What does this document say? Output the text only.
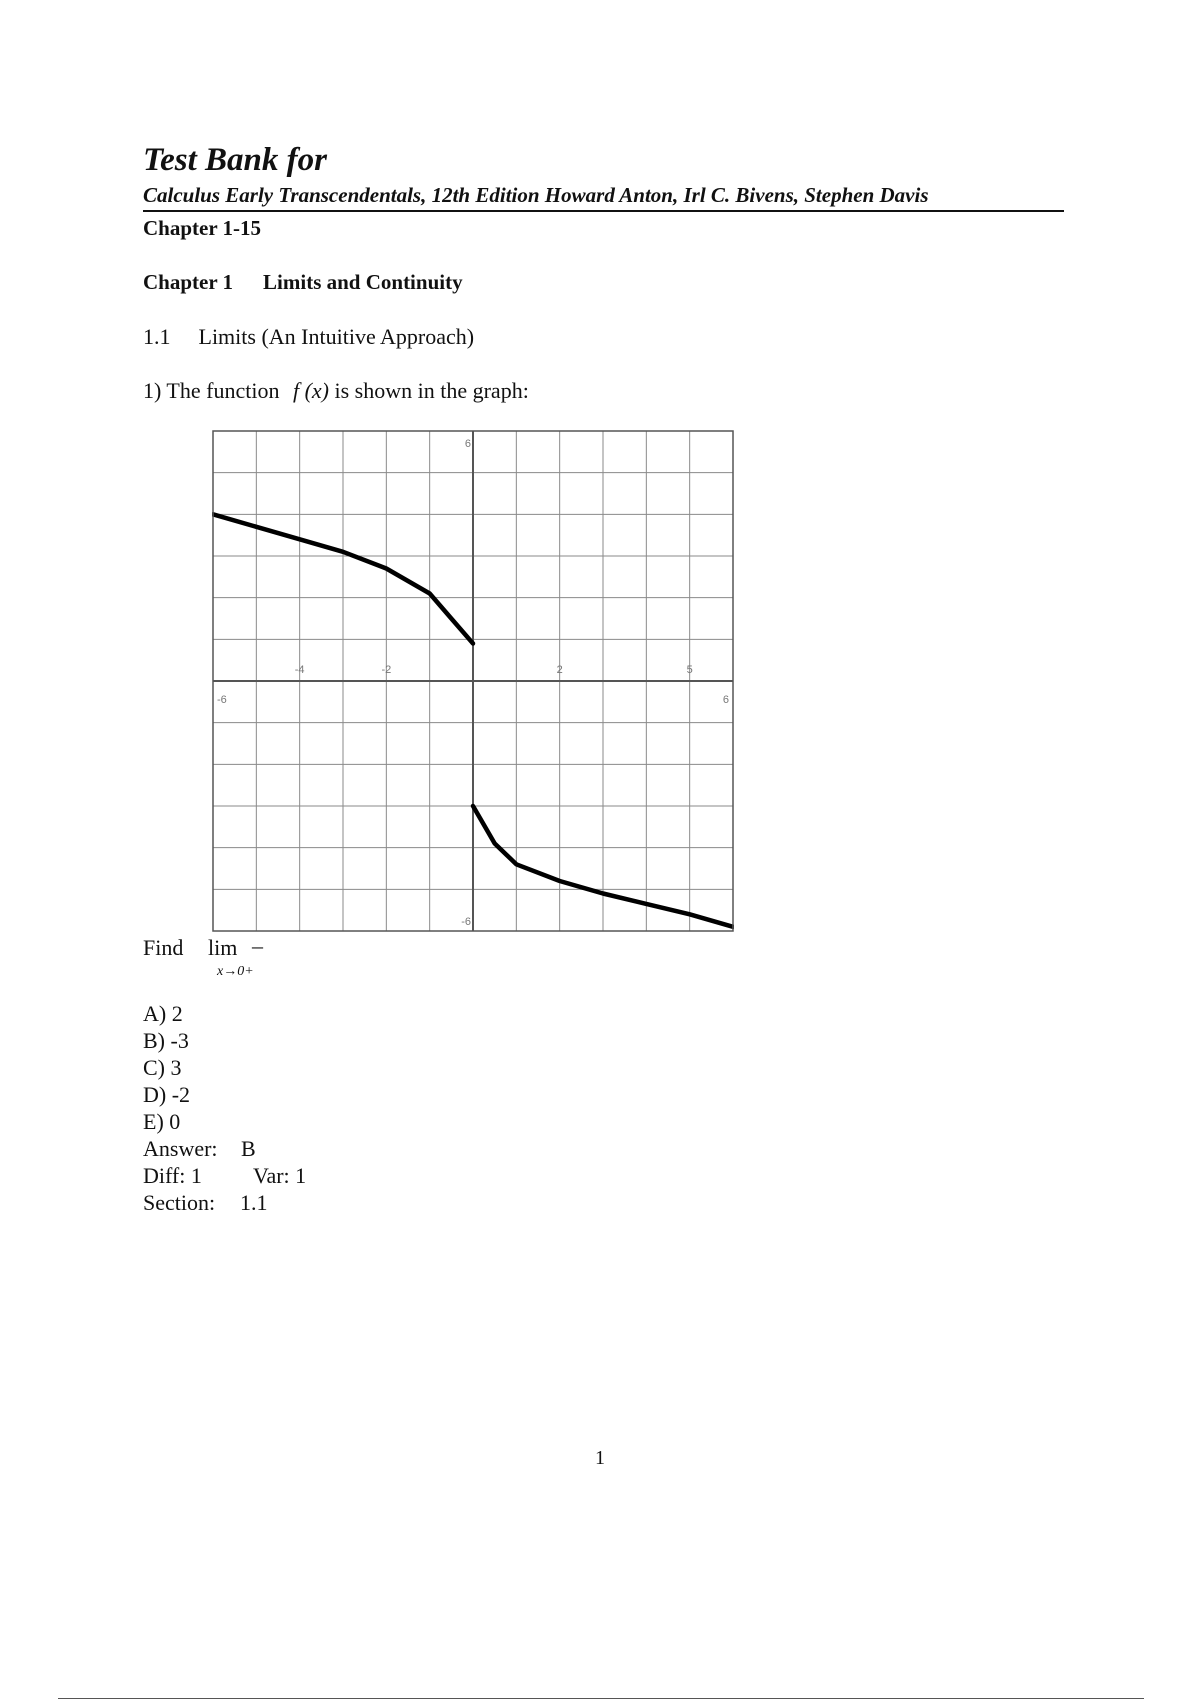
Test Bank for
Calculus Early Transcendentals, 12th Edition Howard Anton, Irl C. Bivens, Stephen Davis
Chapter 1-15
Chapter 1 Limits and Continuity
1.1 Limits (An Intuitive Approach)
1) The function f (x) is shown in the graph:
-4	-2	2	5
-6	6
6
-6
Find lim –
x→0+
A) 2
B) -3
C) 3
D) -2
E) 0
Answer: B
Diff: 1 Var: 1
Section: 1.1
1
